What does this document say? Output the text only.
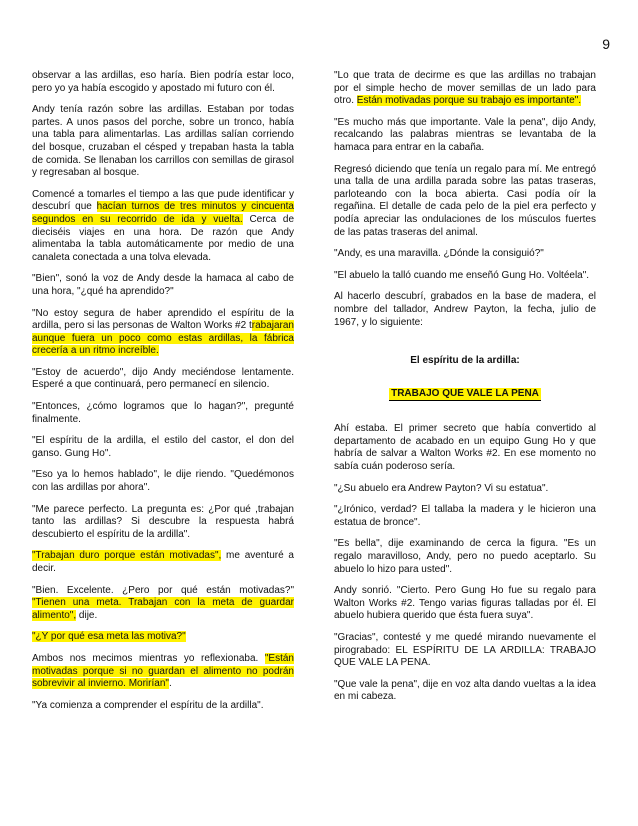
9

observar a las ardillas, eso haría. Bien podría estar loco, pero yo ya había escogido y apostado mi futuro con él.

Andy tenía razón sobre las ardillas. Estaban por todas partes. A unos pasos del porche, sobre un tronco, había una tabla para alimentarlas. Las ardillas salían corriendo del bosque, cruzaban el césped y trepaban hasta la tabla de comida. Se llenaban los carrillos con semillas de girasol y regresaban al bosque.

Comencé a tomarles el tiempo a las que pude identificar y descubrí que hacían turnos de tres minutos y cincuenta segundos en su recorrido de ida y vuelta. Cerca de dieciséis viajes en una hora. De razón que Andy alimentaba la tabla automáticamente por medio de una canaleta conectada a una tolva elevada.

"Bien", sonó la voz de Andy desde la hamaca al cabo de una hora, "¿qué ha aprendido?"

"No estoy segura de haber aprendido el espíritu de la ardilla, pero si las personas de Walton Works #2 trabajaran aunque fuera un poco como estas ardillas, la fábrica crecería a un ritmo increíble.

"Estoy de acuerdo", dijo Andy meciéndose lentamente. Esperé a que continuará, pero permanecí en silencio.

"Entonces, ¿cómo logramos que lo hagan?", pregunté finalmente.

"El espíritu de la ardilla, el estilo del castor, el don del ganso. Gung Ho".

"Eso ya lo hemos hablado", le dije riendo. "Quedémonos con las ardillas por ahora".

"Me parece perfecto. La pregunta es: ¿Por qué ,trabajan tanto las ardillas? Si descubre la respuesta habrá descubierto el espíritu de la ardilla".

"Trabajan duro porque están motivadas", me aventuré a decir.

"Bien. Excelente. ¿Pero por qué están motivadas?" "Tienen una meta. Trabajan con la meta de guardar alimento", dije.

"¿Y por qué esa meta las motiva?"

Ambos nos mecimos mientras yo reflexionaba. "Están motivadas porque si no guardan el alimento no podrán sobrevivir al invierno. Morirían".

"Ya comienza a comprender el espíritu de la ardilla".

"Lo que trata de decirme es que las ardillas no trabajan por el simple hecho de mover semillas de un lado para otro. Están motivadas porque su trabajo es importante".

"Es mucho más que importante. Vale la pena", dijo Andy, recalcando las palabras mientras se levantaba de la hamaca para entrar en la cabaña.

Regresó diciendo que tenía un regalo para mí. Me entregó una talla de una ardilla parada sobre las patas traseras, parloteando con la boca abierta. Casi podía oír la regañina. El detalle de cada pelo de la piel era perfecto y podía apreciar las ondulaciones de los músculos fuertes de las patas traseras del animal.

"Andy, es una maravilla. ¿Dónde la consiguió?"

"El abuelo la talló cuando me enseñó Gung Ho. Voltéela".

Al hacerlo descubrí, grabados en la base de madera, el nombre del tallador, Andrew Payton, la fecha, julio de 1967, y lo siguiente:

El espíritu de la ardilla:

TRABAJO QUE VALE LA PENA

Ahí estaba. El primer secreto que había convertido al departamento de acabado en un equipo Gung Ho y que habría de salvar a Walton Works #2. En ese momento no sabía cuán poderoso sería.

"¿Su abuelo era Andrew Payton? Vi su estatua".

"¿Irónico, verdad? El tallaba la madera y le hicieron una estatua de bronce".

"Es bella", dije examinando de cerca la figura. "Es un regalo maravilloso, Andy, pero no puedo aceptarlo. Su abuelo lo hizo para usted".

Andy sonrió. "Cierto. Pero Gung Ho fue su regalo para Walton Works #2. Tengo varias figuras talladas por él. El abuelo hubiera querido que ésta fuera suya".

"Gracias", contesté y me quedé mirando nuevamente el pirograbado: EL ESPÍRITU DE LA ARDILLA: TRABAJO QUE VALE LA PENA.

"Que vale la pena", dije en voz alta dando vueltas a la idea en mi cabeza.
